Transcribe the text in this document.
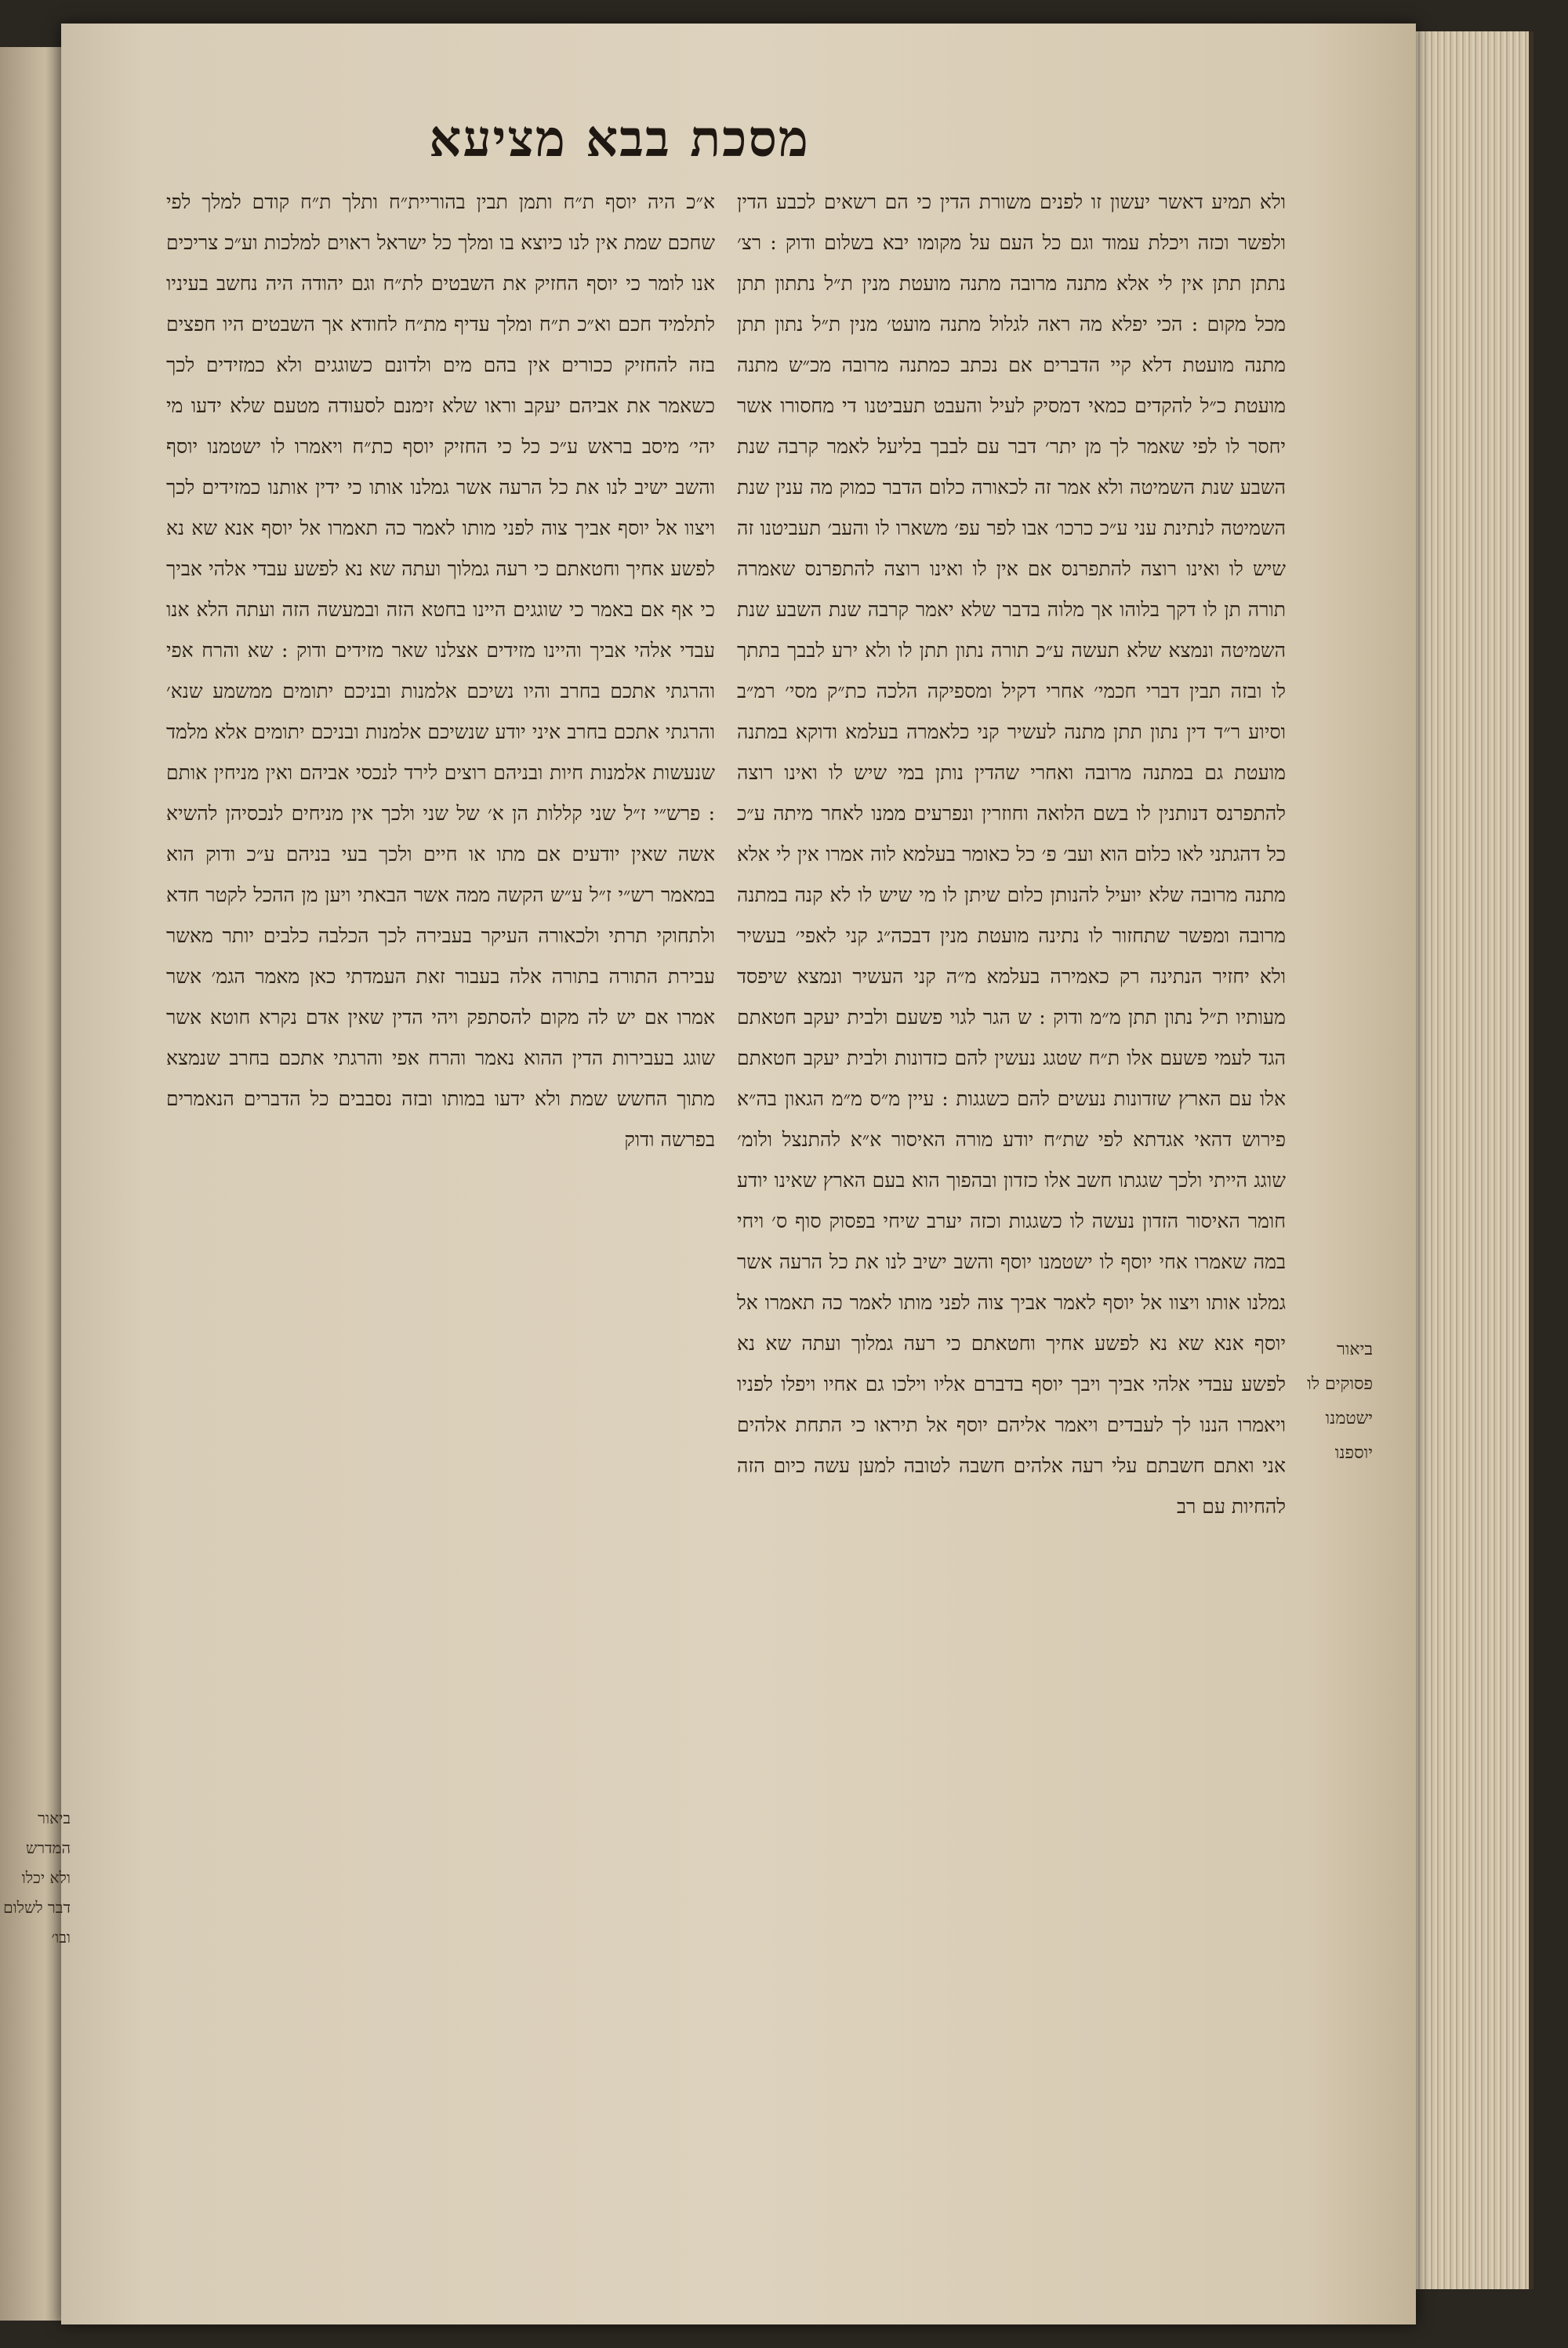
מסכת בבא מציעא
ולא תמיע דאשר יעשון זו לפנים משורת הדין כי הם רשאים לכבע הדין ולפשר וכזה ויכלת עמוד וגם כל העם על מקומו יבא בשלום ודוק : רצ׳ נתתן תתן אין לי אלא מתנה מרובה מתנה מועטת מנין ת״ל נתתון תתן מכל מקום : הכי יפלא מה ראה לגלול מתנה מועט׳ מנין ת״ל נתון תתן מתנה מועטת דלא קיי הדברים אם נכתב כמתנה מרובה מכ״ש מתנה מועטת כ״ל להקדים כמאי דמסיק לעיל והעבט תעביטנו די מחסורו אשר יחסר לו לפי שאמר לך מן יתר׳ דבר עם לבבך בליעל לאמר קרבה שנת השבע שנת השמיטה ולא אמר זה לכאורה כלום הדבר כמוק מה ענין שנת השמיטה לנתינת עני ע״כ כרכו׳ אבו לפר עפ׳ משארו לו והעב׳ תעביטנו זה שיש לו ואינו רוצה להתפרנס אם אין לו ואינו רוצה להתפרנס שאמרה תורה תן לו דקך בלוהו אך מלוה בדבר שלא יאמר קרבה שנת השבע שנת השמיטה ונמצא שלא תעשה ע״כ תורה נתון תתן לו ולא ירע לבבך בתתך לו ובזה תבין דברי חכמי׳ אחרי דקיל ומספיקה הלכה כת״ק מסי׳ רמ״ב וסיוע ר״ד דין נתון תתן מתנה לעשיר קני כלאמרה בעלמא ודוקא במתנה מועטת גם במתנה מרובה ואחרי שהדין נותן במי שיש לו ואינו רוצה להתפרנס דנותנין לו בשם הלואה וחוזרין ונפרעים ממנו לאחר מיתה ע״כ כל דהגתני לאו כלום הוא ועב׳ פ׳ כל כאומר בעלמא לוה אמרו אין לי אלא מתנה מרובה שלא יועיל להנותן כלום שיתן לו מי שיש לו לא קנה במתנה מרובה ומפשר שתחזור לו נתינה מועטת מנין דבכה״ג קני לאפי׳ בעשיר ולא יחזיר הנתינה רק כאמירה בעלמא מ״ה קני העשיר ונמצא שיפסד מעותיו ת״ל נתון תתן מ״מ ודוק : ש הגר לגוי פשעם ולבית יעקב חטאתם הגד לעמי פשעם אלו ת״ח שטגג נעשין להם כזדונות ולבית יעקב חטאתם אלו עם הארץ שזדונות נעשים להם כשגגות : עיין מ״ס מ״מ הגאון בה״א פירוש דהאי אגדתא לפי שת״ח יודע מורה האיסור א״א להתנצל ולומ׳ שוגג הייתי ולכך שגגתו חשב אלו כזדון ובהפוך הוא בעם הארץ שאינו יודע חומר האיסור הזדון נעשה לו כשגגות וכזה יערב שיחי בפסוק סוף ס׳ ויחי במה שאמרו אחי יוסף לו ישטמנו יוסף והשב ישיב לנו את כל הרעה אשר גמלנו אותו ויצוו אל יוסף לאמר אביך צוה לפני מותו לאמר כה תאמרו אל יוסף אנא שא נא לפשע אחיך וחטאתם כי רעה גמלוך ועתה שא נא לפשע עבדי אלהי אביך ויבך יוסף בדברם אליו וילכו גם אחיו ויפלו לפניו ויאמרו הננו לך לעבדים ויאמר אליהם יוסף אל תיראו כי התחת אלהים אני ואתם חשבתם עלי רעה אלהים חשבה לטובה למען עשה כיום הזה להחיות עם רב
א״כ היה יוסף ת״ח ותמן תבין בהוריית״ח ותלך ת״ח קודם למלך לפי שחכם שמת אין לנו כיוצא בו ומלך כל ישראל ראוים למלכות וע״כ צריכים אנו לומר כי יוסף החזיק את השבטים לת״ח וגם יהודה היה נחשב בעיניו לתלמיד חכם וא״כ ת״ח ומלך עדיף מת״ח לחודא אך השבטים היו חפצים בזה להחזיק ככורים אין בהם מים ולדונם כשוגגים ולא כמזידים לכך כשאמר את אביהם יעקב וראו שלא זימנם לסעודה מטעם שלא ידעו מי יהי׳ מיסב בראש ע״כ כל כי החזיק יוסף כת״ח ויאמרו לו ישטמנו יוסף והשב ישיב לנו את כל הרעה אשר גמלנו אותו כי ידין אותנו כמזידים לכך ויצוו אל יוסף אביך צוה לפני מותו לאמר כה תאמרו אל יוסף אנא שא נא לפשע אחיך וחטאתם כי רעה גמלוך ועתה שא נא לפשע עבדי אלהי אביך כי אף אם באמר כי שוגגים היינו בחטא הזה ובמעשה הזה ועתה הלא אנו עבדי אלהי אביך והיינו מזידים אצלנו שאר מזידים ודוק : שא והרח אפי והרגתי אתכם בחרב והיו נשיכם אלמנות ובניכם יתומים ממשמע שנא׳ והרגתי אתכם בחרב איני יודע שנשיכם אלמנות ובניכם יתומים אלא מלמד שנעשות אלמנות חיות ובניהם רוצים לירד לנכסי אביהם ואין מניחין אותם : פרש״י ז״ל שני קללות הן א׳ של שני ולכך אין מניחים לנכסיהן להשיא אשה שאין יודעים אם מתו או חיים ולכך בעי בניהם ע״כ ודוק הוא במאמר רש״י ז״ל ע״ש הקשה ממה אשר הבאתי ויען מן ההכל לקטר חדא ולתחוקי תרתי ולכאורה העיקר בעבירה לכך הכלבה כלבים יותר מאשר עבירת התורה בתורה אלה בעבור זאת העמדתי כאן מאמר הגמ׳ אשר אמרו אם יש לה מקום להסתפק ויהי הדין שאין אדם נקרא חוטא אשר שוגג בעבירות הדין ההוא נאמר והרח אפי והרגתי אתכם בחרב שנמצא מתוך החשש שמת ולא ידעו במותו ובזה נסבבים כל הדברים הנאמרים בפרשה ודוק
ביאור פסוקים לו ישטמנו יוספנו
ביאור המדרש ולא יכלו דבר לשלום ובו׳
